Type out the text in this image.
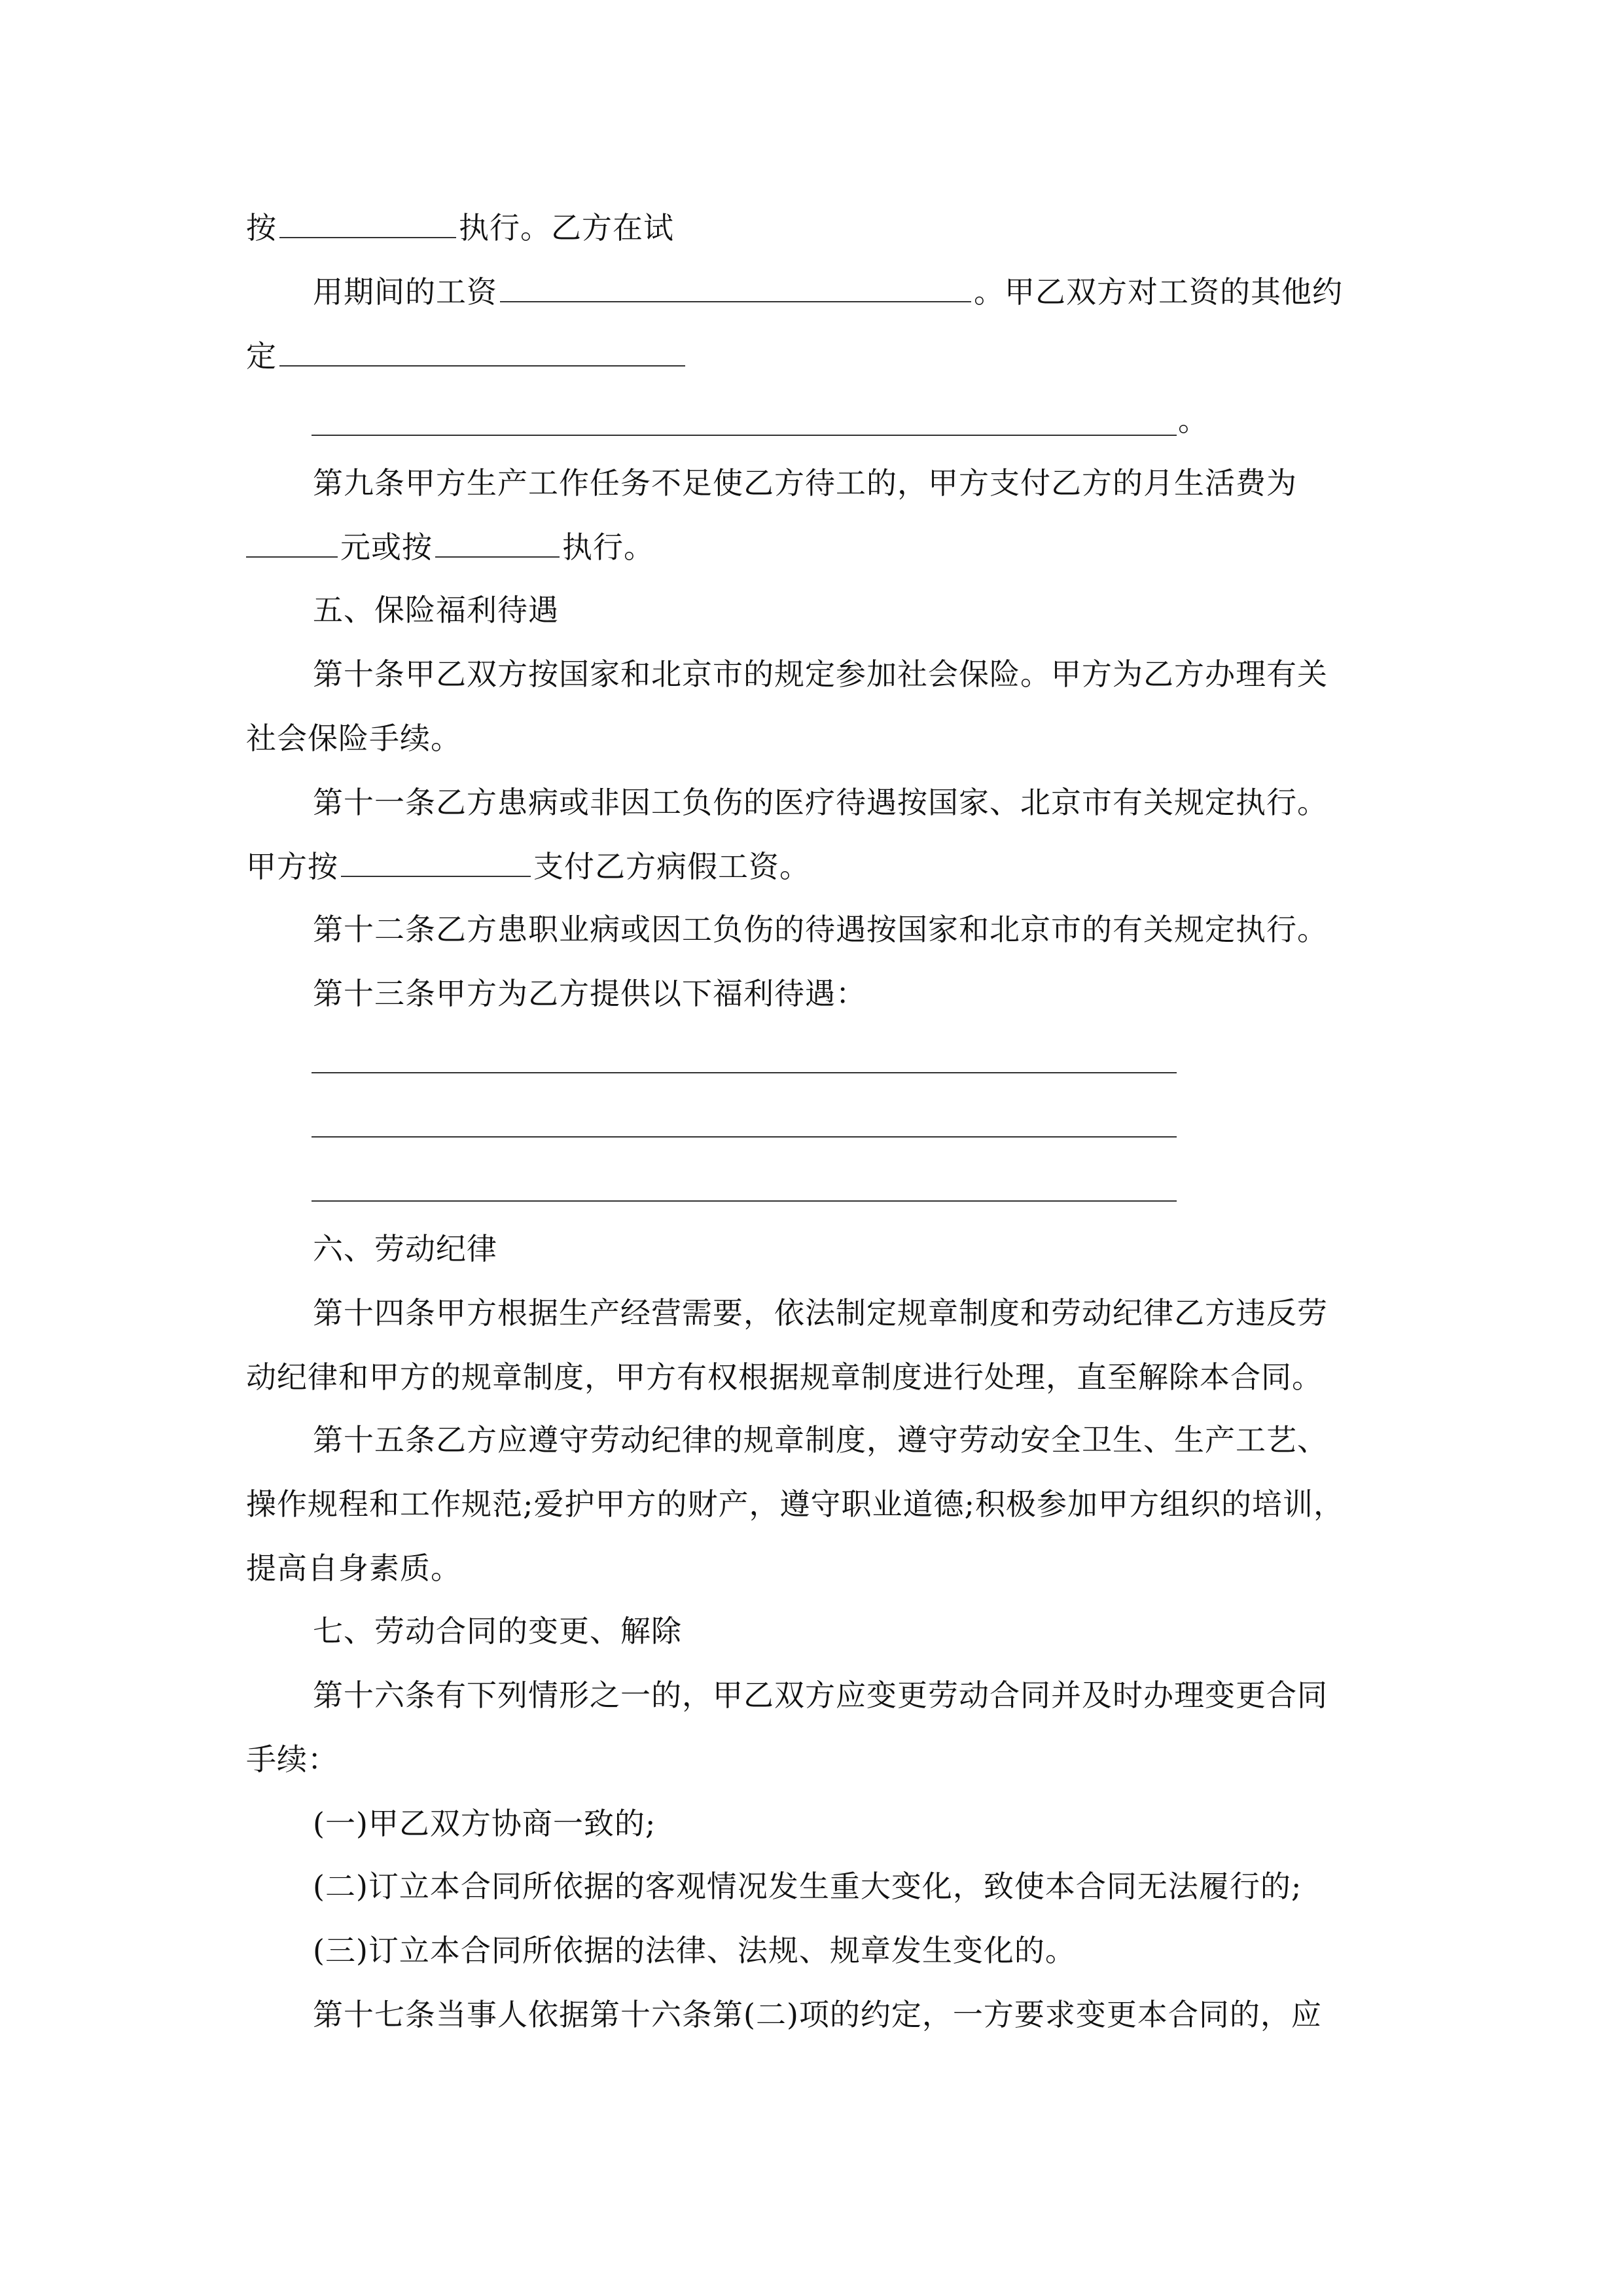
按	执行。乙方在试
用期间的工资	。甲乙双方对工资的其他约
定
。
第九条甲方生产工作任务不足使乙方待工的，甲方支付乙方的月生活费为
元或按	执行。
五、保险福利待遇
第十条甲乙双方按国家和北京市的规定参加社会保险。甲方为乙方办理有关
社会保险手续。
第十一条乙方患病或非因工负伤的医疗待遇按国家、北京市有关规定执行。
甲方按	支付乙方病假工资。
第十二条乙方患职业病或因工负伤的待遇按国家和北京市的有关规定执行。
第十三条甲方为乙方提供以下福利待遇：
六、劳动纪律
第十四条甲方根据生产经营需要，依法制定规章制度和劳动纪律乙方违反劳
动纪律和甲方的规章制度，甲方有权根据规章制度进行处理，直至解除本合同。
第十五条乙方应遵守劳动纪律的规章制度，遵守劳动安全卫生、生产工艺、
操作规程和工作规范;爱护甲方的财产，遵守职业道德;积极参加甲方组织的培训，
提高自身素质。
七、劳动合同的变更、解除
第十六条有下列情形之一的，甲乙双方应变更劳动合同并及时办理变更合同
手续：
(一)甲乙双方协商一致的;
(二)订立本合同所依据的客观情况发生重大变化，致使本合同无法履行的;
(三)订立本合同所依据的法律、法规、规章发生变化的。
第十七条当事人依据第十六条第(二)项的约定，一方要求变更本合同的，应
